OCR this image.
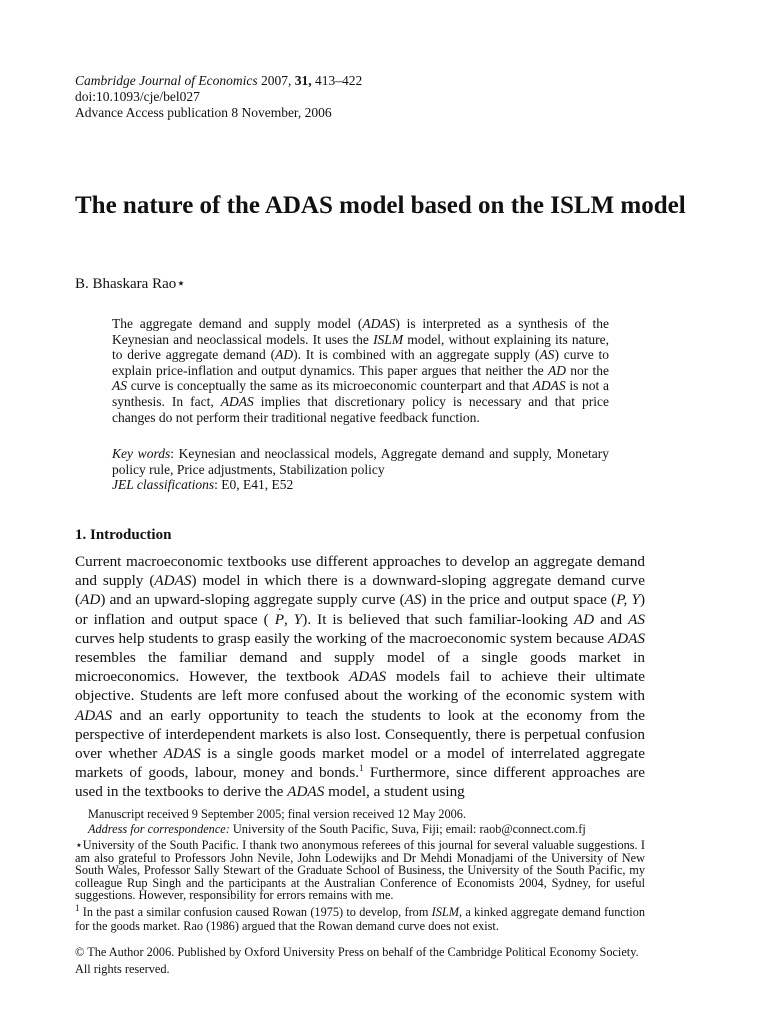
Cambridge Journal of Economics 2007, 31, 413–422
doi:10.1093/cje/bel027
Advance Access publication 8 November, 2006
The nature of the ADAS model based on the ISLM model
B. Bhaskara Rao⋆
The aggregate demand and supply model (ADAS) is interpreted as a synthesis of the Keynesian and neoclassical models. It uses the ISLM model, without explaining its nature, to derive aggregate demand (AD). It is combined with an aggregate supply (AS) curve to explain price-inflation and output dynamics. This paper argues that neither the AD nor the AS curve is conceptually the same as its microeconomic counterpart and that ADAS is not a synthesis. In fact, ADAS implies that discretionary policy is necessary and that price changes do not perform their traditional negative feedback function.
Key words: Keynesian and neoclassical models, Aggregate demand and supply, Monetary policy rule, Price adjustments, Stabilization policy
JEL classifications: E0, E41, E52
1. Introduction
Current macroeconomic textbooks use different approaches to develop an aggregate demand and supply (ADAS) model in which there is a downward-sloping aggregate demand curve (AD) and an upward-sloping aggregate supply curve (AS) in the price and output space (P, Y) or inflation and output space ( · P, Y). It is believed that such familiar-looking AD and AS curves help students to grasp easily the working of the macroeconomic system because ADAS resembles the familiar demand and supply model of a single goods market in microeconomics. However, the textbook ADAS models fail to achieve their ultimate objective. Students are left more confused about the working of the economic system with ADAS and an early opportunity to teach the students to look at the economy from the perspective of interdependent markets is also lost. Consequently, there is perpetual confusion over whether ADAS is a single goods market model or a model of interrelated aggregate markets of goods, labour, money and bonds.$^1$ Furthermore, since different approaches are used in the textbooks to derive the ADAS model, a student using
Manuscript received 9 September 2005; final version received 12 May 2006.
Address for correspondence: University of the South Pacific, Suva, Fiji; email: raob@connect.com.fj
⋆University of the South Pacific. I thank two anonymous referees of this journal for several valuable suggestions. I am also grateful to Professors John Nevile, John Lodewijks and Dr Mehdi Monadjami of the University of New South Wales, Professor Sally Stewart of the Graduate School of Business, the University of the South Pacific, my colleague Rup Singh and the participants at the Australian Conference of Economists 2004, Sydney, for useful suggestions. However, responsibility for errors remains with me.
$^1$ In the past a similar confusion caused Rowan (1975) to develop, from ISLM, a kinked aggregate demand function for the goods market. Rao (1986) argued that the Rowan demand curve does not exist.
© The Author 2006. Published by Oxford University Press on behalf of the Cambridge Political Economy Society.
All rights reserved.
